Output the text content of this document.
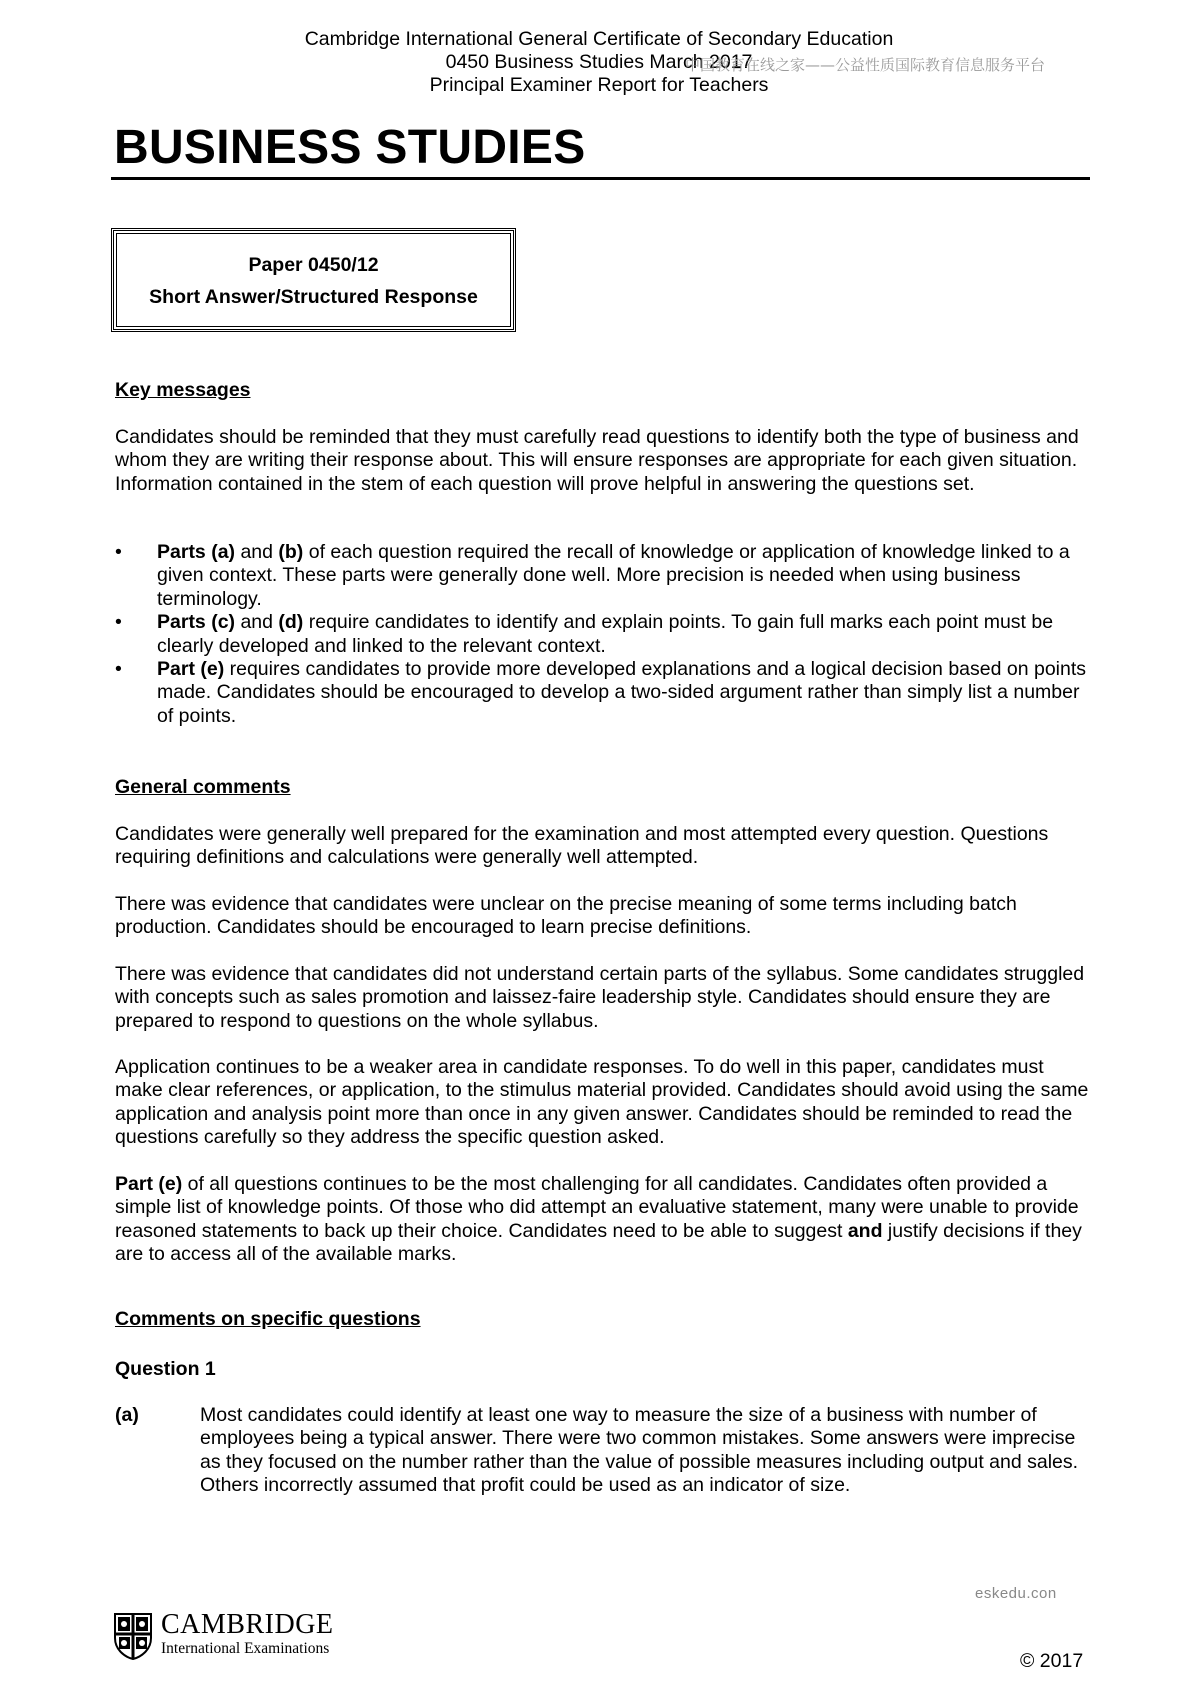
Cambridge International General Certificate of Secondary Education
0450 Business Studies March 2017
Principal Examiner Report for Teachers
中国教育在线之家——公益性质国际教育信息服务平台
BUSINESS STUDIES
Paper 0450/12
Short Answer/Structured Response
Key messages
Candidates should be reminded that they must carefully read questions to identify both the type of business and whom they are writing their response about. This will ensure responses are appropriate for each given situation. Information contained in the stem of each question will prove helpful in answering the questions set.
• Parts (a) and (b) of each question required the recall of knowledge or application of knowledge linked to a given context. These parts were generally done well. More precision is needed when using business terminology.
• Parts (c) and (d) require candidates to identify and explain points. To gain full marks each point must be clearly developed and linked to the relevant context.
• Part (e) requires candidates to provide more developed explanations and a logical decision based on points made. Candidates should be encouraged to develop a two-sided argument rather than simply list a number of points.
General comments
Candidates were generally well prepared for the examination and most attempted every question. Questions requiring definitions and calculations were generally well attempted.
There was evidence that candidates were unclear on the precise meaning of some terms including batch production. Candidates should be encouraged to learn precise definitions.
There was evidence that candidates did not understand certain parts of the syllabus. Some candidates struggled with concepts such as sales promotion and laissez-faire leadership style. Candidates should ensure they are prepared to respond to questions on the whole syllabus.
Application continues to be a weaker area in candidate responses. To do well in this paper, candidates must make clear references, or application, to the stimulus material provided. Candidates should avoid using the same application and analysis point more than once in any given answer. Candidates should be reminded to read the questions carefully so they address the specific question asked.
Part (e) of all questions continues to be the most challenging for all candidates. Candidates often provided a simple list of knowledge points. Of those who did attempt an evaluative statement, many were unable to provide reasoned statements to back up their choice. Candidates need to be able to suggest and justify decisions if they are to access all of the available marks.
Comments on specific questions
Question 1
(a)	Most candidates could identify at least one way to measure the size of a business with number of employees being a typical answer. There were two common mistakes. Some answers were imprecise as they focused on the number rather than the value of possible measures including output and sales. Others incorrectly assumed that profit could be used as an indicator of size.
eskedu.con
CAMBRIDGE
International Examinations
© 2017
